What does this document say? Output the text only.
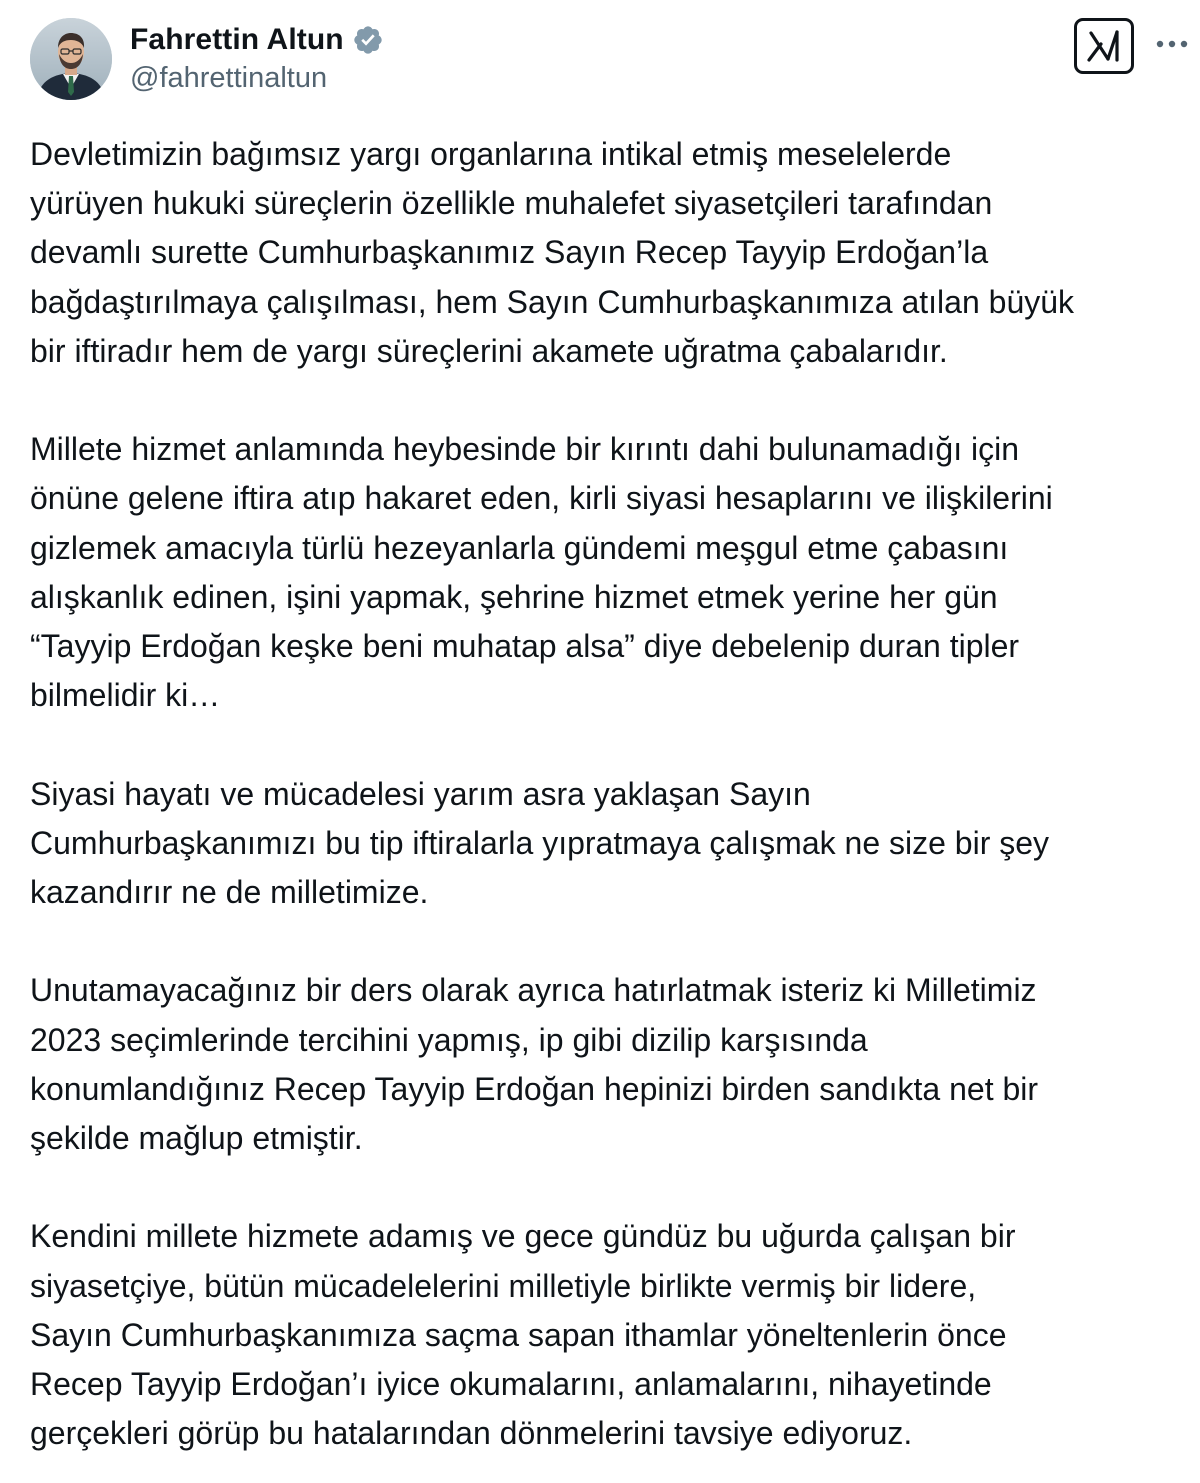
Fahrettin Altun
@fahrettinaltun

Devletimizin bağımsız yargı organlarına intikal etmiş meselelerde
yürüyen hukuki süreçlerin özellikle muhalefet siyasetçileri tarafından
devamlı surette Cumhurbaşkanımız Sayın Recep Tayyip Erdoğan’la
bağdaştırılmaya çalışılması, hem Sayın Cumhurbaşkanımıza atılan büyük
bir iftiradır hem de yargı süreçlerini akamete uğratma çabalarıdır.

Millete hizmet anlamında heybesinde bir kırıntı dahi bulunamadığı için
önüne gelene iftira atıp hakaret eden, kirli siyasi hesaplarını ve ilişkilerini
gizlemek amacıyla türlü hezeyanlarla gündemi meşgul etme çabasını
alışkanlık edinen, işini yapmak, şehrine hizmet etmek yerine her gün
“Tayyip Erdoğan keşke beni muhatap alsa” diye debelenip duran tipler
bilmelidir ki…

Siyasi hayatı ve mücadelesi yarım asra yaklaşan Sayın
Cumhurbaşkanımızı bu tip iftiralarla yıpratmaya çalışmak ne size bir şey
kazandırır ne de milletimize.

Unutamayacağınız bir ders olarak ayrıca hatırlatmak isteriz ki Milletimiz
2023 seçimlerinde tercihini yapmış, ip gibi dizilip karşısında
konumlandığınız Recep Tayyip Erdoğan hepinizi birden sandıkta net bir
şekilde mağlup etmiştir.

Kendini millete hizmete adamış ve gece gündüz bu uğurda çalışan bir
siyasetçiye, bütün mücadelelerini milletiyle birlikte vermiş bir lidere,
Sayın Cumhurbaşkanımıza saçma sapan ithamlar yöneltenlerin önce
Recep Tayyip Erdoğan’ı iyice okumalarını, anlamalarını, nihayetinde
gerçekleri görüp bu hatalarından dönmelerini tavsiye ediyoruz.
